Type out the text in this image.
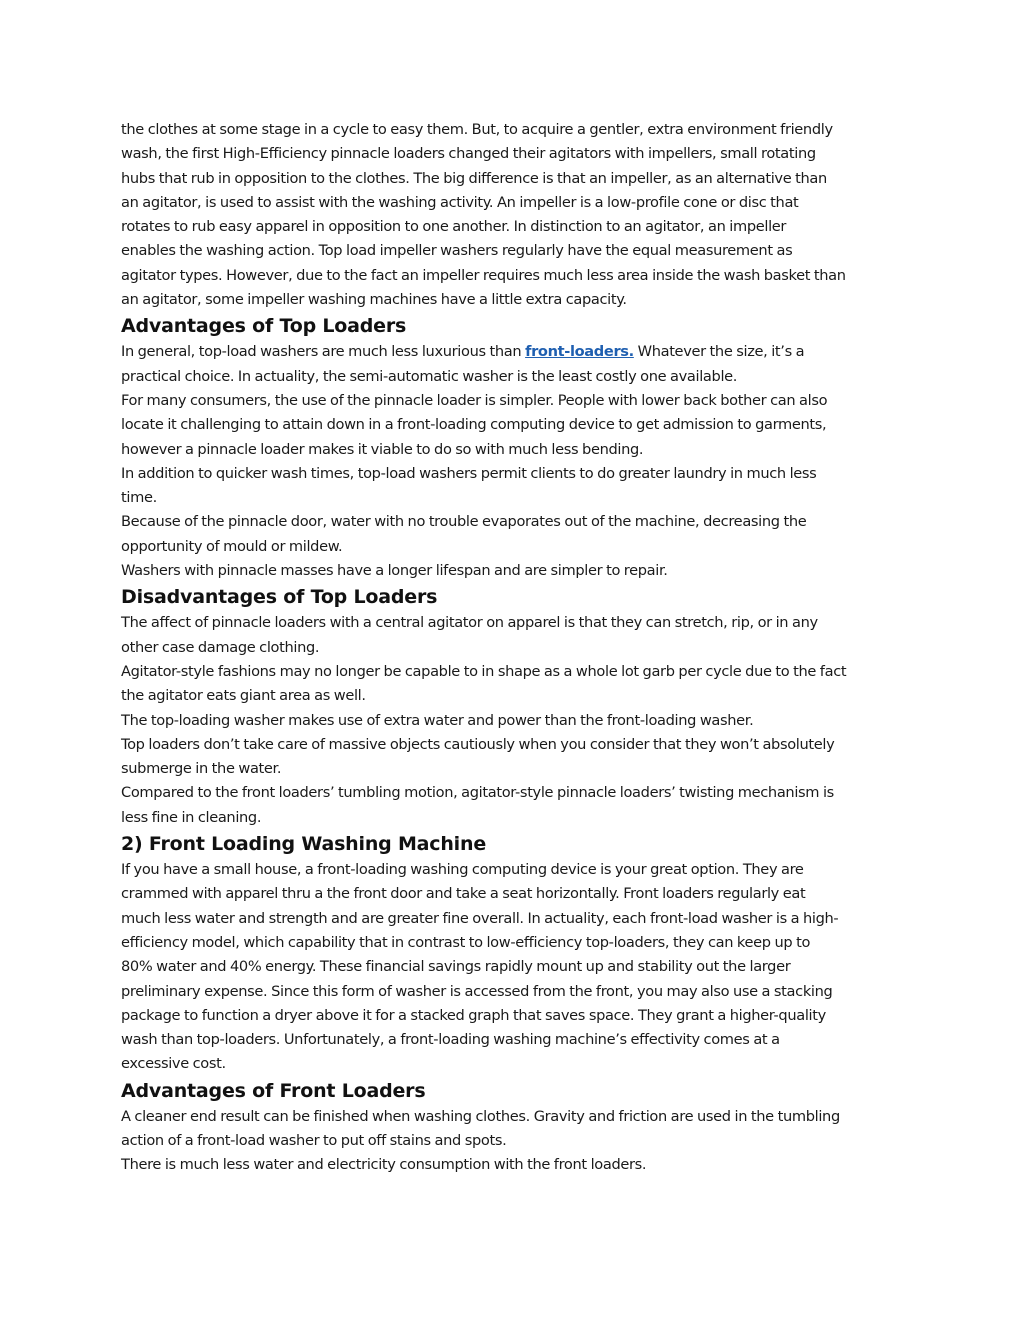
the clothes at some stage in a cycle to easy them. But, to acquire a gentler, extra environment friendly
wash, the first High-Efficiency pinnacle loaders changed their agitators with impellers, small rotating
hubs that rub in opposition to the clothes. The big difference is that an impeller, as an alternative than
an agitator, is used to assist with the washing activity. An impeller is a low-profile cone or disc that
rotates to rub easy apparel in opposition to one another. In distinction to an agitator, an impeller
enables the washing action. Top load impeller washers regularly have the equal measurement as
agitator types. However, due to the fact an impeller requires much less area inside the wash basket than
an agitator, some impeller washing machines have a little extra capacity.

Advantages of Top Loaders

In general, top-load washers are much less luxurious than front-loaders. Whatever the size, it’s a
practical choice. In actuality, the semi-automatic washer is the least costly one available.
For many consumers, the use of the pinnacle loader is simpler. People with lower back bother can also
locate it challenging to attain down in a front-loading computing device to get admission to garments,
however a pinnacle loader makes it viable to do so with much less bending.
In addition to quicker wash times, top-load washers permit clients to do greater laundry in much less
time.
Because of the pinnacle door, water with no trouble evaporates out of the machine, decreasing the
opportunity of mould or mildew.
Washers with pinnacle masses have a longer lifespan and are simpler to repair.

Disadvantages of Top Loaders

The affect of pinnacle loaders with a central agitator on apparel is that they can stretch, rip, or in any
other case damage clothing.
Agitator-style fashions may no longer be capable to in shape as a whole lot garb per cycle due to the fact
the agitator eats giant area as well.
The top-loading washer makes use of extra water and power than the front-loading washer.
Top loaders don’t take care of massive objects cautiously when you consider that they won’t absolutely
submerge in the water.
Compared to the front loaders’ tumbling motion, agitator-style pinnacle loaders’ twisting mechanism is
less fine in cleaning.

2) Front Loading Washing Machine

If you have a small house, a front-loading washing computing device is your great option. They are
crammed with apparel thru a the front door and take a seat horizontally. Front loaders regularly eat
much less water and strength and are greater fine overall. In actuality, each front-load washer is a high-
efficiency model, which capability that in contrast to low-efficiency top-loaders, they can keep up to
80% water and 40% energy. These financial savings rapidly mount up and stability out the larger
preliminary expense. Since this form of washer is accessed from the front, you may also use a stacking
package to function a dryer above it for a stacked graph that saves space. They grant a higher-quality
wash than top-loaders. Unfortunately, a front-loading washing machine’s effectivity comes at a
excessive cost.

Advantages of Front Loaders

A cleaner end result can be finished when washing clothes. Gravity and friction are used in the tumbling
action of a front-load washer to put off stains and spots.
There is much less water and electricity consumption with the front loaders.
